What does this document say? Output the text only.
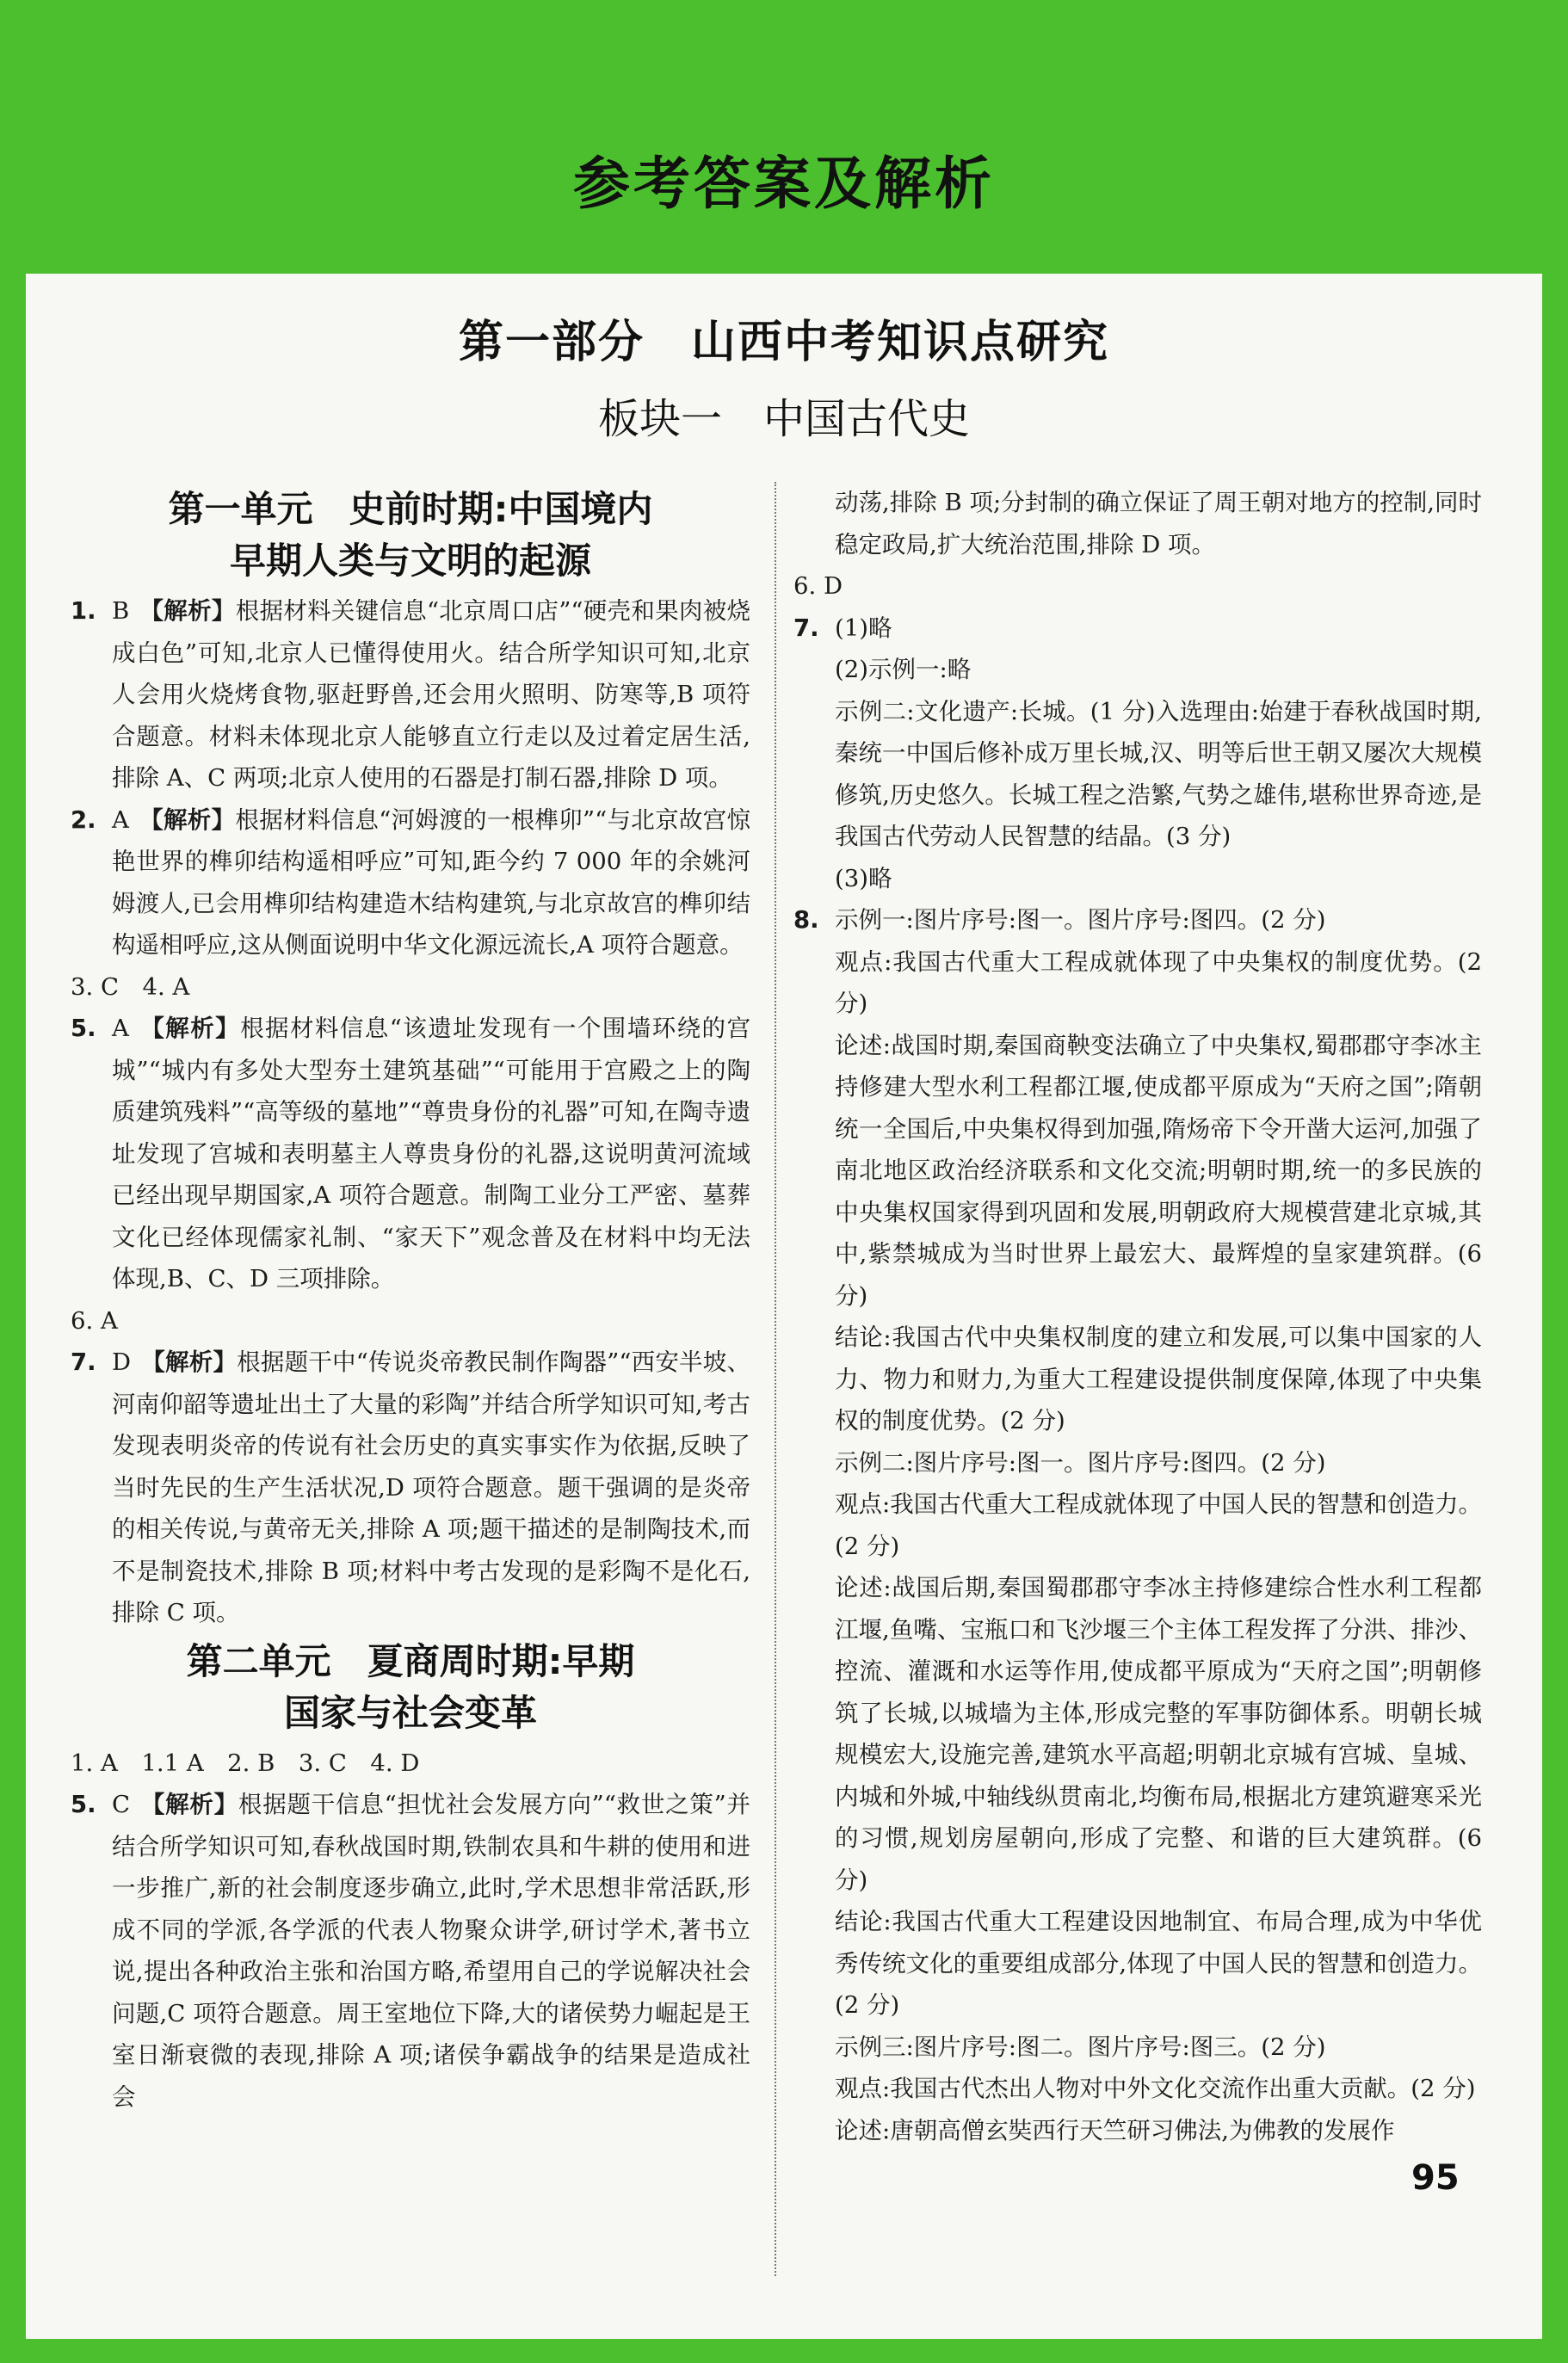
参考答案及解析
第一部分　山西中考知识点研究
板块一　中国古代史
第一单元　史前时期:中国境内
早期人类与文明的起源
1. B 【解析】根据材料关键信息“北京周口店”“硬壳和果肉被烧成白色”可知,北京人已懂得使用火。结合所学知识可知,北京人会用火烧烤食物,驱赶野兽,还会用火照明、防寒等,B 项符合题意。材料未体现北京人能够直立行走以及过着定居生活,排除 A、C 两项;北京人使用的石器是打制石器,排除 D 项。
2. A 【解析】根据材料信息“河姆渡的一根榫卯”“与北京故宫惊艳世界的榫卯结构遥相呼应”可知,距今约 7 000 年的余姚河姆渡人,已会用榫卯结构建造木结构建筑,与北京故宫的榫卯结构遥相呼应,这从侧面说明中华文化源远流长,A 项符合题意。
3. C　4. A
5. A 【解析】根据材料信息“该遗址发现有一个围墙环绕的宫城”“城内有多处大型夯土建筑基础”“可能用于宫殿之上的陶质建筑残料”“高等级的墓地”“尊贵身份的礼器”可知,在陶寺遗址发现了宫城和表明墓主人尊贵身份的礼器,这说明黄河流域已经出现早期国家,A 项符合题意。制陶工业分工严密、墓葬文化已经体现儒家礼制、“家天下”观念普及在材料中均无法体现,B、C、D 三项排除。
6. A
7. D 【解析】根据题干中“传说炎帝教民制作陶器”“西安半坡、河南仰韶等遗址出土了大量的彩陶”并结合所学知识可知,考古发现表明炎帝的传说有社会历史的真实事实作为依据,反映了当时先民的生产生活状况,D 项符合题意。题干强调的是炎帝的相关传说,与黄帝无关,排除 A 项;题干描述的是制陶技术,而不是制瓷技术,排除 B 项;材料中考古发现的是彩陶不是化石,排除 C 项。
第二单元　夏商周时期:早期
国家与社会变革
1. A　1.1 A　2. B　3. C　4. D
5. C 【解析】根据题干信息“担忧社会发展方向”“救世之策”并结合所学知识可知,春秋战国时期,铁制农具和牛耕的使用和进一步推广,新的社会制度逐步确立,此时,学术思想非常活跃,形成不同的学派,各学派的代表人物聚众讲学,研讨学术,著书立说,提出各种政治主张和治国方略,希望用自己的学说解决社会问题,C 项符合题意。周王室地位下降,大的诸侯势力崛起是王室日渐衰微的表现,排除 A 项;诸侯争霸战争的结果是造成社会
动荡,排除 B 项;分封制的确立保证了周王朝对地方的控制,同时稳定政局,扩大统治范围,排除 D 项。
6. D
7. (1)略
(2)示例一:略
示例二:文化遗产:长城。(1 分)入选理由:始建于春秋战国时期,秦统一中国后修补成万里长城,汉、明等后世王朝又屡次大规模修筑,历史悠久。长城工程之浩繁,气势之雄伟,堪称世界奇迹,是我国古代劳动人民智慧的结晶。(3 分)
(3)略
8. 示例一:图片序号:图一。图片序号:图四。(2 分)
观点:我国古代重大工程成就体现了中央集权的制度优势。(2 分)
论述:战国时期,秦国商鞅变法确立了中央集权,蜀郡郡守李冰主持修建大型水利工程都江堰,使成都平原成为“天府之国”;隋朝统一全国后,中央集权得到加强,隋炀帝下令开凿大运河,加强了南北地区政治经济联系和文化交流;明朝时期,统一的多民族的中央集权国家得到巩固和发展,明朝政府大规模营建北京城,其中,紫禁城成为当时世界上最宏大、最辉煌的皇家建筑群。(6 分)
结论:我国古代中央集权制度的建立和发展,可以集中国家的人力、物力和财力,为重大工程建设提供制度保障,体现了中央集权的制度优势。(2 分)
示例二:图片序号:图一。图片序号:图四。(2 分)
观点:我国古代重大工程成就体现了中国人民的智慧和创造力。(2 分)
论述:战国后期,秦国蜀郡郡守李冰主持修建综合性水利工程都江堰,鱼嘴、宝瓶口和飞沙堰三个主体工程发挥了分洪、排沙、控流、灌溉和水运等作用,使成都平原成为“天府之国”;明朝修筑了长城,以城墙为主体,形成完整的军事防御体系。明朝长城规模宏大,设施完善,建筑水平高超;明朝北京城有宫城、皇城、内城和外城,中轴线纵贯南北,均衡布局,根据北方建筑避寒采光的习惯,规划房屋朝向,形成了完整、和谐的巨大建筑群。(6 分)
结论:我国古代重大工程建设因地制宜、布局合理,成为中华优秀传统文化的重要组成部分,体现了中国人民的智慧和创造力。(2 分)
示例三:图片序号:图二。图片序号:图三。(2 分)
观点:我国古代杰出人物对中外文化交流作出重大贡献。(2 分)
论述:唐朝高僧玄奘西行天竺研习佛法,为佛教的发展作
95
